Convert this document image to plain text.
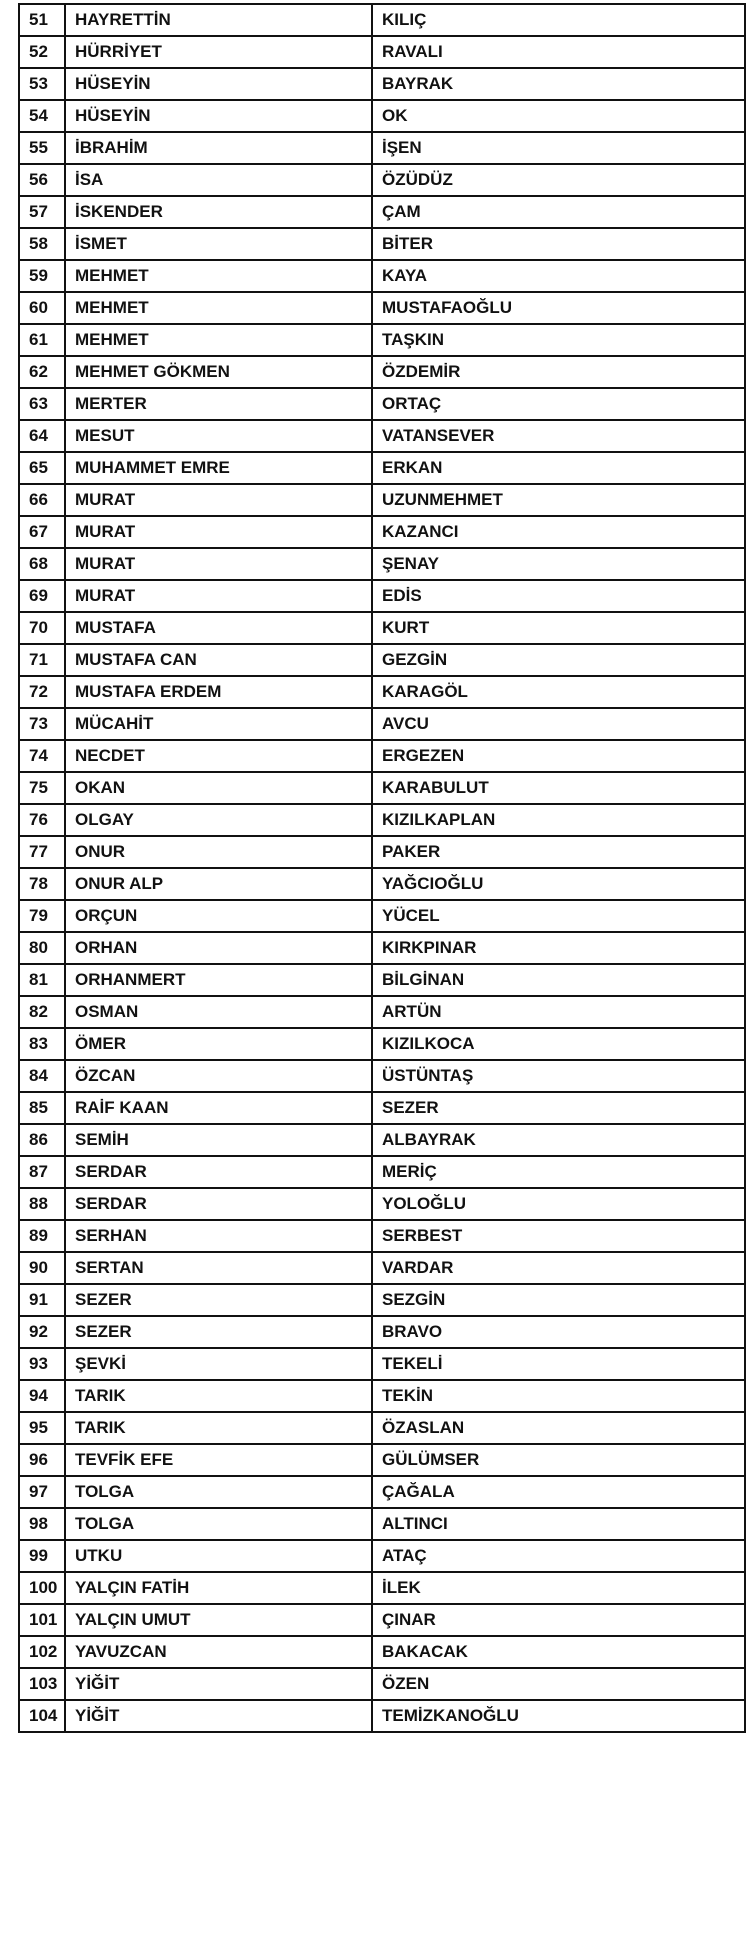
51	HAYRETTİN	KILIÇ
52	HÜRRİYET	RAVALI
53	HÜSEYİN	BAYRAK
54	HÜSEYİN	OK
55	İBRAHİM	İŞEN
56	İSA	ÖZÜDÜZ
57	İSKENDER	ÇAM
58	İSMET	BİTER
59	MEHMET	KAYA
60	MEHMET	MUSTAFAOĞLU
61	MEHMET	TAŞKIN
62	MEHMET GÖKMEN	ÖZDEMİR
63	MERTER	ORTAÇ
64	MESUT	VATANSEVER
65	MUHAMMET EMRE	ERKAN
66	MURAT	UZUNMEHMET
67	MURAT	KAZANCI
68	MURAT	ŞENAY
69	MURAT	EDİS
70	MUSTAFA	KURT
71	MUSTAFA CAN	GEZGİN
72	MUSTAFA ERDEM	KARAGÖL
73	MÜCAHİT	AVCU
74	NECDET	ERGEZEN
75	OKAN	KARABULUT
76	OLGAY	KIZILKAPLAN
77	ONUR	PAKER
78	ONUR ALP	YAĞCIOĞLU
79	ORÇUN	YÜCEL
80	ORHAN	KIRKPINAR
81	ORHANMERT	BİLGİNAN
82	OSMAN	ARTÜN
83	ÖMER	KIZILKOCA
84	ÖZCAN	ÜSTÜNTAŞ
85	RAİF KAAN	SEZER
86	SEMİH	ALBAYRAK
87	SERDAR	MERİÇ
88	SERDAR	YOLOĞLU
89	SERHAN	SERBEST
90	SERTAN	VARDAR
91	SEZER	SEZGİN
92	SEZER	BRAVO
93	ŞEVKİ	TEKELİ
94	TARIK	TEKİN
95	TARIK	ÖZASLAN
96	TEVFİK EFE	GÜLÜMSER
97	TOLGA	ÇAĞALA
98	TOLGA	ALTINCI
99	UTKU	ATAÇ
100	YALÇIN FATİH	İLEK
101	YALÇIN UMUT	ÇINAR
102	YAVUZCAN	BAKACAK
103	YİĞİT	ÖZEN
104	YİĞİT	TEMİZKANOĞLU
